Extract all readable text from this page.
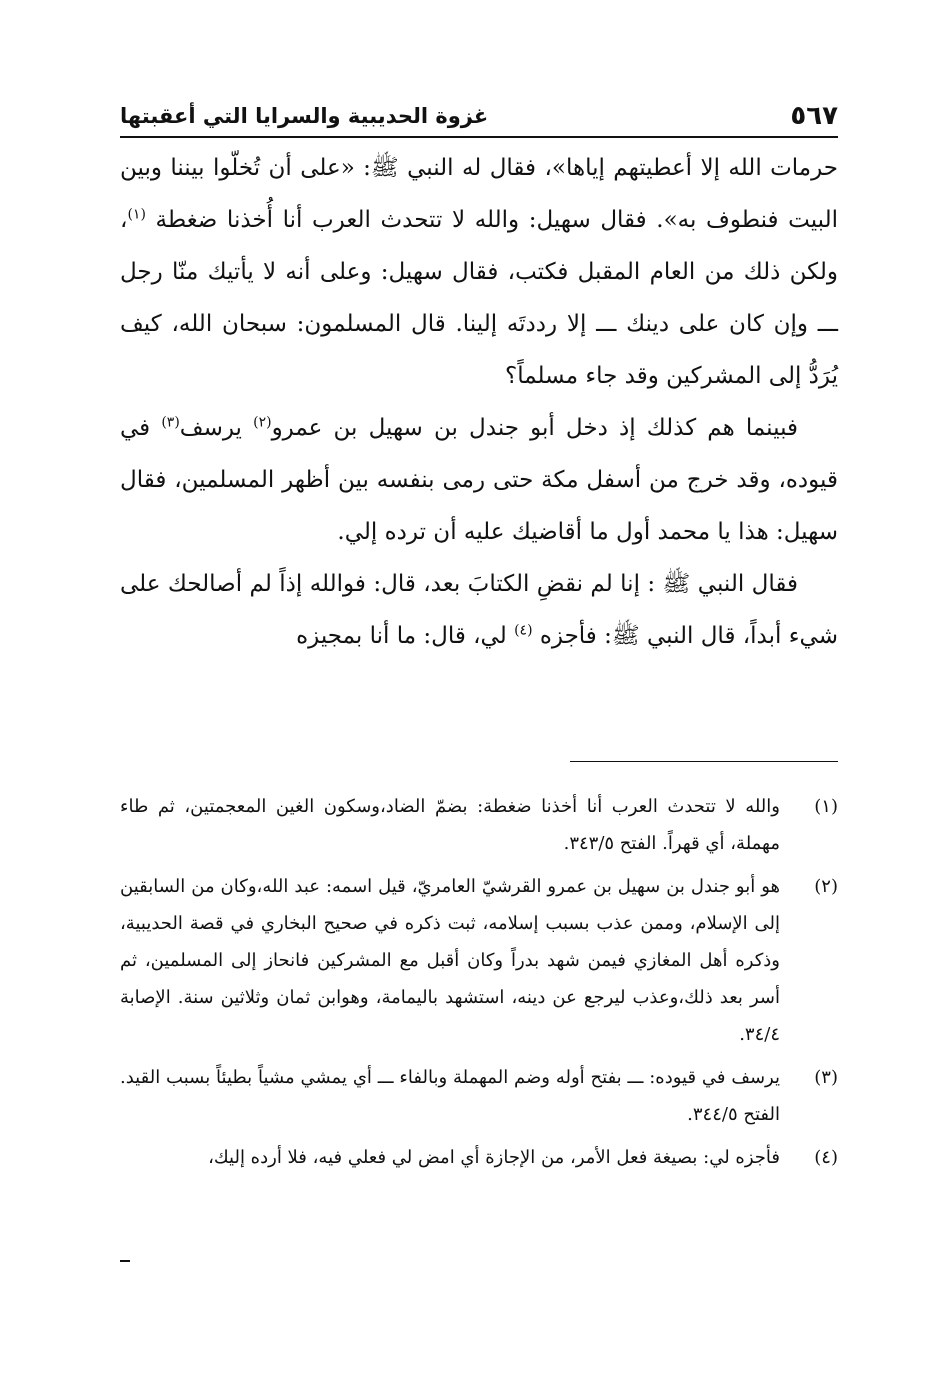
٥٦٧
غزوة الحديبية والسرايا التي أعقبتها

حرمات الله إلا أعطيتهم إياها»، فقال له النبي ﷺ: «على أن تُخلّوا بيننا وبين البيت فنطوف به». فقال سهيل: والله لا تتحدث العرب أنا أُخذنا ضغطة $^{(١)}$، ولكن ذلك من العام المقبل فكتب، فقال سهيل: وعلى أنه لا يأتيك منّا رجل ـــ وإن كان على دينك ـــ إلا رددتَه إلينا. قال المسلمون: سبحان الله، كيف يُرَدُّ إلى المشركين وقد جاء مسلماً؟

فبينما هم كذلك إذ دخل أبو جندل بن سهيل بن عمرو$^{(٢)}$ يرسف$^{(٣)}$ في قيوده، وقد خرج من أسفل مكة حتى رمى بنفسه بين أظهر المسلمين، فقال سهيل: هذا يا محمد أول ما أقاضيك عليه أن ترده إلي.

فقال النبي ﷺ : إنا لم نقضِ الكتابَ بعد، قال: فوالله إذاً لم أصالحك على شيء أبداً، قال النبي ﷺ: فأجزه $^{(٤)}$ لي، قال: ما أنا بمجيزه

(١)
والله لا تتحدث العرب أنا أخذنا ضغطة: بضمّ الضاد،وسكون الغين المعجمتين، ثم طاء مهملة، أي قهراً. الفتح ٣٤٣/٥.
(٢)
هو أبو جندل بن سهيل بن عمرو القرشيّ العامريّ، قيل اسمه: عبد الله،وكان من السابقين إلى الإسلام، وممن عذب بسبب إسلامه، ثبت ذكره في صحيح البخاري في قصة الحديبية، وذكره أهل المغازي فيمن شهد بدراً وكان أقبل مع المشركين فانحاز إلى المسلمين، ثم أسر بعد ذلك،وعذب ليرجع عن دينه، استشهد باليمامة، وهوابن ثمان وثلاثين سنة. الإصابة ٣٤/٤.
(٣)
يرسف في قيوده: ـــ بفتح أوله وضم المهملة وبالفاء ـــ أي يمشي مشياً بطيئاً بسبب القيد. الفتح ٣٤٤/٥.
(٤)
فأجزه لي: بصيغة فعل الأمر، من الإجازة أي امض لي فعلي فيه، فلا أرده إليك،
